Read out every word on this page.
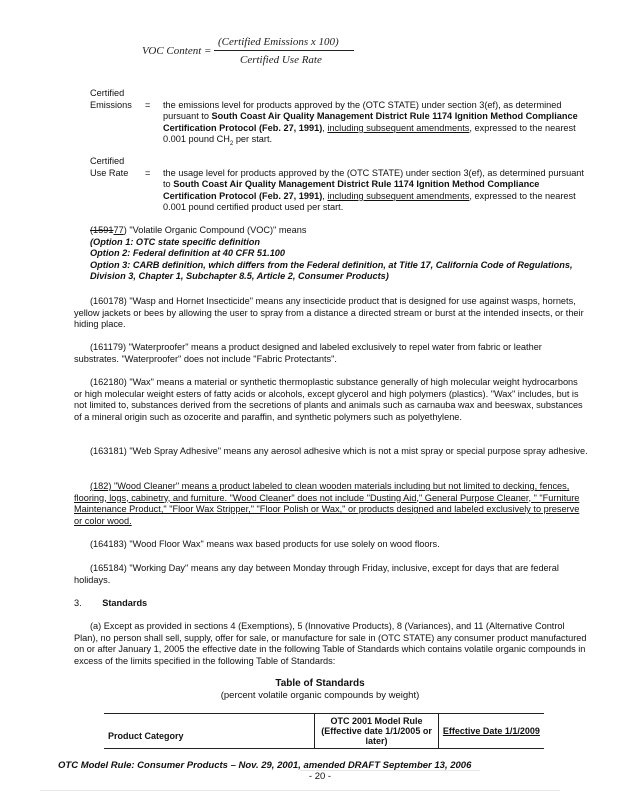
VOC Content =
(Certified Emissions x 100)
Certified Use Rate
Certified
Emissions	=	the emissions level for products approved by the (OTC STATE) under section 3(ef), as determined pursuant to South Coast Air Quality Management District Rule 1174 Ignition Method Compliance Certification Protocol (Feb. 27, 1991), including subsequent amendments, expressed to the nearest 0.001 pound $CH_2$ per start.

Certified
Use Rate	=	the usage level for products approved by the (OTC STATE) under section 3(ef), as determined pursuant to South Coast Air Quality Management District Rule 1174 Ignition Method Compliance Certification Protocol (Feb. 27, 1991), including subsequent amendments, expressed to the nearest 0.001 pound certified product used per start.

(159177) "Volatile Organic Compound (VOC)" means

(Option 1: OTC state specific definition

Option 2: Federal definition at 40 CFR 51.100

Option 3: CARB definition, which differs from the Federal definition, at Title 17, California Code of Regulations, Division 3, Chapter 1, Subchapter 8.5, Article 2, Consumer Products)

(160178) "Wasp and Hornet Insecticide" means any insecticide product that is designed for use against wasps, hornets, yellow jackets or bees by allowing the user to spray from a distance a directed stream or burst at the intended insects, or their hiding place.

(161179) "Waterproofer" means a product designed and labeled exclusively to repel water from fabric or leather substrates. "Waterproofer" does not include "Fabric Protectants".

(162180) "Wax" means a material or synthetic thermoplastic substance generally of high molecular weight hydrocarbons or high molecular weight esters of fatty acids or alcohols, except glycerol and high polymers (plastics). "Wax" includes, but is not limited to, substances derived from the secretions of plants and animals such as carnauba wax and beeswax, substances of a mineral origin such as ozocerite and paraffin, and synthetic polymers such as polyethylene.

(163181) "Web Spray Adhesive" means any aerosol adhesive which is not a mist spray or special purpose spray adhesive.

(182) "Wood Cleaner" means a product labeled to clean wooden materials including but not limited to decking, fences, flooring, logs, cabinetry, and furniture. "Wood Cleaner" does not include "Dusting Aid," General Purpose Cleaner, " "Furniture Maintenance Product," "Floor Wax Stripper," "Floor Polish or Wax," or products designed and labeled exclusively to preserve or color wood.

(164183) "Wood Floor Wax" means wax based products for use solely on wood floors.

(165184) "Working Day" means any day between Monday through Friday, inclusive, except for days that are federal holidays.

3. Standards

(a) Except as provided in sections 4 (Exemptions), 5 (Innovative Products), 8 (Variances), and 11 (Alternative Control Plan), no person shall sell, supply, offer for sale, or manufacture for sale in (OTC STATE) any consumer product manufactured on or after January 1, 2005 the effective date in the following Table of Standards which contains volatile organic compounds in excess of the limits specified in the following Table of Standards:

Table of Standards
(percent volatile organic compounds by weight)
Product Category	OTC 2001 Model Rule (Effective date 1/1/2005 or later)	Effective Date 1/1/2009
OTC Model Rule: Consumer Products – Nov. 29, 2001, amended DRAFT September 13, 2006
- 20 -
